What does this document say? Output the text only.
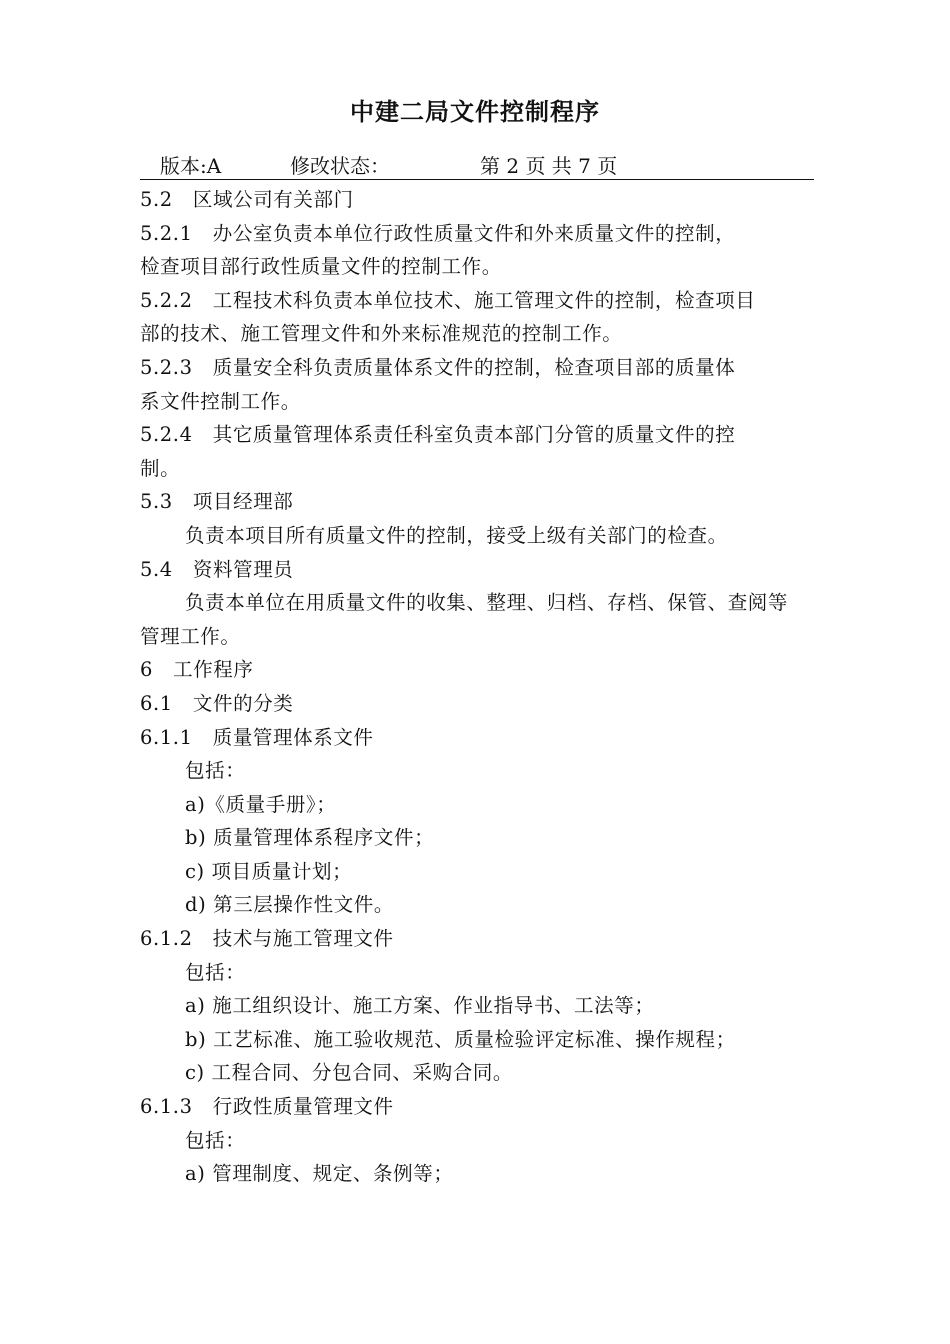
中建二局文件控制程序
版本:A	修改状态：	第 2 页 共 7 页
5.2　区域公司有关部门
5.2.1　办公室负责本单位行政性质量文件和外来质量文件的控制，
检查项目部行政性质量文件的控制工作。
5.2.2　工程技术科负责本单位技术、施工管理文件的控制，检查项目
部的技术、施工管理文件和外来标准规范的控制工作。
5.2.3　质量安全科负责质量体系文件的控制，检查项目部的质量体
系文件控制工作。
5.2.4　其它质量管理体系责任科室负责本部门分管的质量文件的控
制。
5.3　项目经理部
负责本项目所有质量文件的控制，接受上级有关部门的检查。
5.4　资料管理员
负责本单位在用质量文件的收集、整理、归档、存档、保管、查阅等
管理工作。
6　工作程序
6.1　文件的分类
6.1.1　质量管理体系文件
包括：
a)《质量手册》；
b) 质量管理体系程序文件；
c) 项目质量计划；
d) 第三层操作性文件。
6.1.2　技术与施工管理文件
包括：
a) 施工组织设计、施工方案、作业指导书、工法等；
b) 工艺标准、施工验收规范、质量检验评定标准、操作规程；
c) 工程合同、分包合同、采购合同。
6.1.3　行政性质量管理文件
包括：
a) 管理制度、规定、条例等；
